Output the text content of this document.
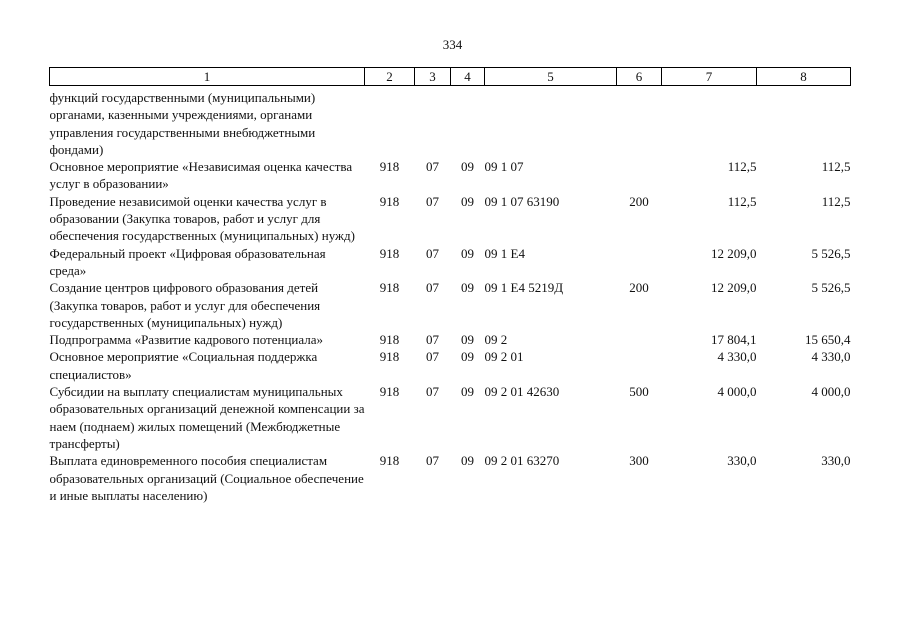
334
1	2	3	4	5	6	7	8
функций государственными (муниципальными) органами, казенными учреждениями, органами управления государственными внебюджетными фондами)							
Основное мероприятие «Независимая оценка качества услуг в образовании»	918	07	09	09 1 07		112,5	112,5
Проведение независимой оценки качества услуг в образовании (Закупка товаров, работ и услуг для обеспечения государственных (муниципальных) нужд)	918	07	09	09 1 07 63190	200	112,5	112,5
Федеральный проект «Цифровая образовательная среда»	918	07	09	09 1 E4		12 209,0	5 526,5
Создание центров цифрового образования детей (Закупка товаров, работ и услуг для обеспечения государственных (муниципальных) нужд)	918	07	09	09 1 E4 5219Д	200	12 209,0	5 526,5
Подпрограмма «Развитие кадрового потенциала»	918	07	09	09 2		17 804,1	15 650,4
Основное мероприятие «Социальная поддержка специалистов»	918	07	09	09 2 01		4 330,0	4 330,0
Субсидии на выплату специалистам муниципальных образовательных организаций денежной компенсации за наем (поднаем) жилых помещений (Межбюджетные трансферты)	918	07	09	09 2 01 42630	500	4 000,0	4 000,0
Выплата единовременного пособия специалистам образовательных организаций (Социальное обеспечение и иные выплаты населению)	918	07	09	09 2 01 63270	300	330,0	330,0
